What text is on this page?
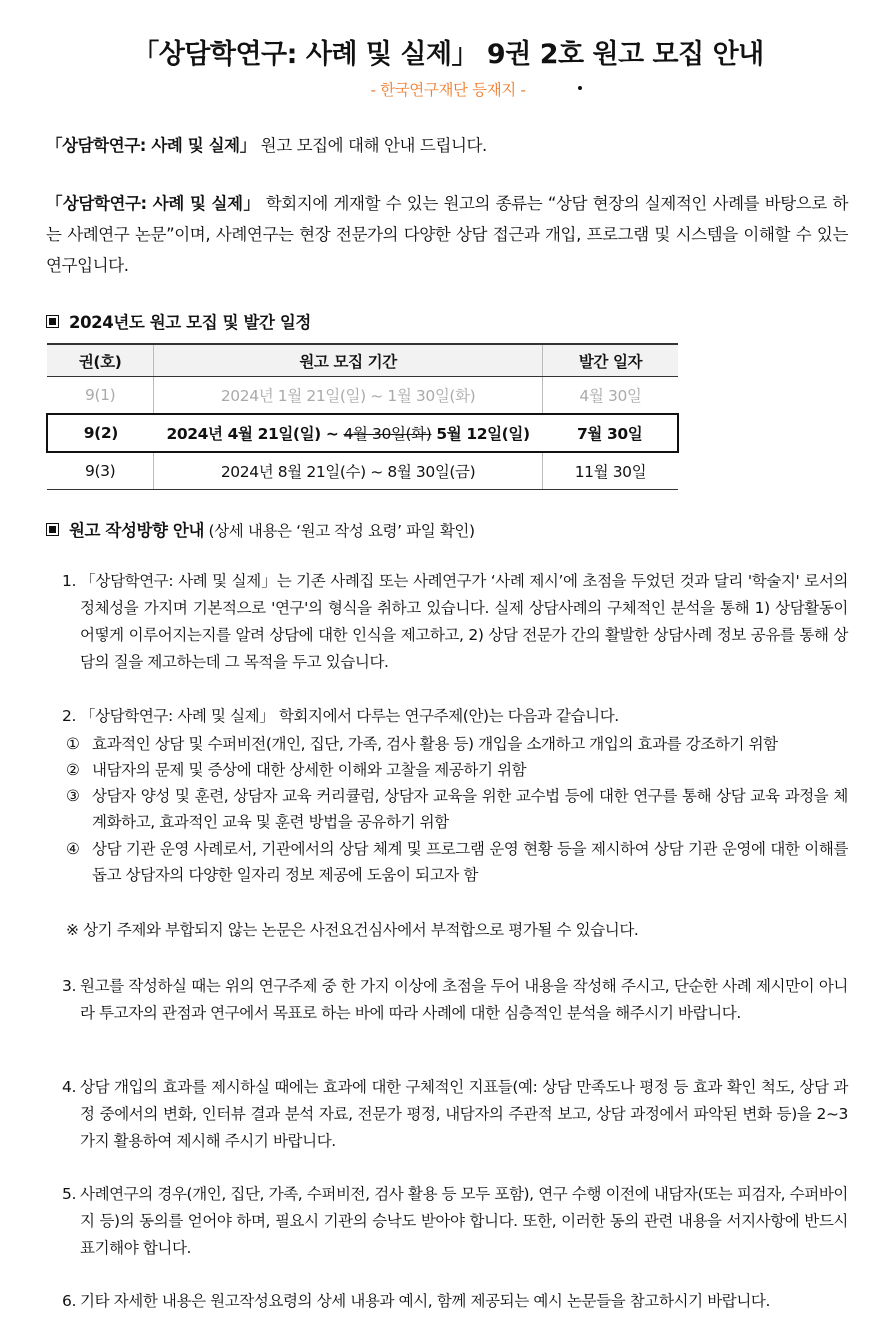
「상담학연구: 사례 및 실제」 9권 2호 원고 모집 안내
- 한국연구재단 등재지 -
「상담학연구: 사례 및 실제」 원고 모집에 대해 안내 드립니다.
「상담학연구: 사례 및 실제」 학회지에 게재할 수 있는 원고의 종류는 “상담 현장의 실제적인 사례를 바탕으로 하는 사례연구 논문”이며, 사례연구는 현장 전문가의 다양한 상담 접근과 개입, 프로그램 및 시스템을 이해할 수 있는 연구입니다.
2024년도 원고 모집 및 발간 일정
권(호)	원고 모집 기간	발간 일자
9(1)	2024년 1월 21일(일) ~ 1월 30일(화)	4월 30일
9(2)	2024년 4월 21일(일) ~ 4월 30일(화) 5월 12일(일)	7월 30일
9(3)	2024년 8월 21일(수) ~ 8월 30일(금)	11월 30일
원고 작성방향 안내 (상세 내용은 ‘원고 작성 요령’ 파일 확인)
1. 「상담학연구: 사례 및 실제」는 기존 사례집 또는 사례연구가 ‘사례 제시’에 초점을 두었던 것과 달리 '학술지' 로서의 정체성을 가지며 기본적으로 '연구'의 형식을 취하고 있습니다. 실제 상담사례의 구체적인 분석을 통해 1) 상담활동이 어떻게 이루어지는지를 알려 상담에 대한 인식을 제고하고, 2) 상담 전문가 간의 활발한 상담사례 정보 공유를 통해 상담의 질을 제고하는데 그 목적을 두고 있습니다.
2. 「상담학연구: 사례 및 실제」 학회지에서 다루는 연구주제(안)는 다음과 같습니다.
① 효과적인 상담 및 수퍼비전(개인, 집단, 가족, 검사 활용 등) 개입을 소개하고 개입의 효과를 강조하기 위함
② 내담자의 문제 및 증상에 대한 상세한 이해와 고찰을 제공하기 위함
③ 상담자 양성 및 훈련, 상담자 교육 커리큘럼, 상담자 교육을 위한 교수법 등에 대한 연구를 통해 상담 교육 과정을 체계화하고, 효과적인 교육 및 훈련 방법을 공유하기 위함
④ 상담 기관 운영 사례로서, 기관에서의 상담 체계 및 프로그램 운영 현황 등을 제시하여 상담 기관 운영에 대한 이해를 돕고 상담자의 다양한 일자리 정보 제공에 도움이 되고자 함
※ 상기 주제와 부합되지 않는 논문은 사전요건심사에서 부적합으로 평가될 수 있습니다.
3. 원고를 작성하실 때는 위의 연구주제 중 한 가지 이상에 초점을 두어 내용을 작성해 주시고, 단순한 사례 제시만이 아니라 투고자의 관점과 연구에서 목표로 하는 바에 따라 사례에 대한 심층적인 분석을 해주시기 바랍니다.
4. 상담 개입의 효과를 제시하실 때에는 효과에 대한 구체적인 지표들(예: 상담 만족도나 평정 등 효과 확인 척도, 상담 과정 중에서의 변화, 인터뷰 결과 분석 자료, 전문가 평정, 내담자의 주관적 보고, 상담 과정에서 파악된 변화 등)을 2~3가지 활용하여 제시해 주시기 바랍니다.
5. 사례연구의 경우(개인, 집단, 가족, 수퍼비전, 검사 활용 등 모두 포함), 연구 수행 이전에 내담자(또는 피검자, 수퍼바이지 등)의 동의를 얻어야 하며, 필요시 기관의 승낙도 받아야 합니다. 또한, 이러한 동의 관련 내용을 서지사항에 반드시 표기해야 합니다.
6. 기타 자세한 내용은 원고작성요령의 상세 내용과 예시, 함께 제공되는 예시 논문들을 참고하시기 바랍니다.
